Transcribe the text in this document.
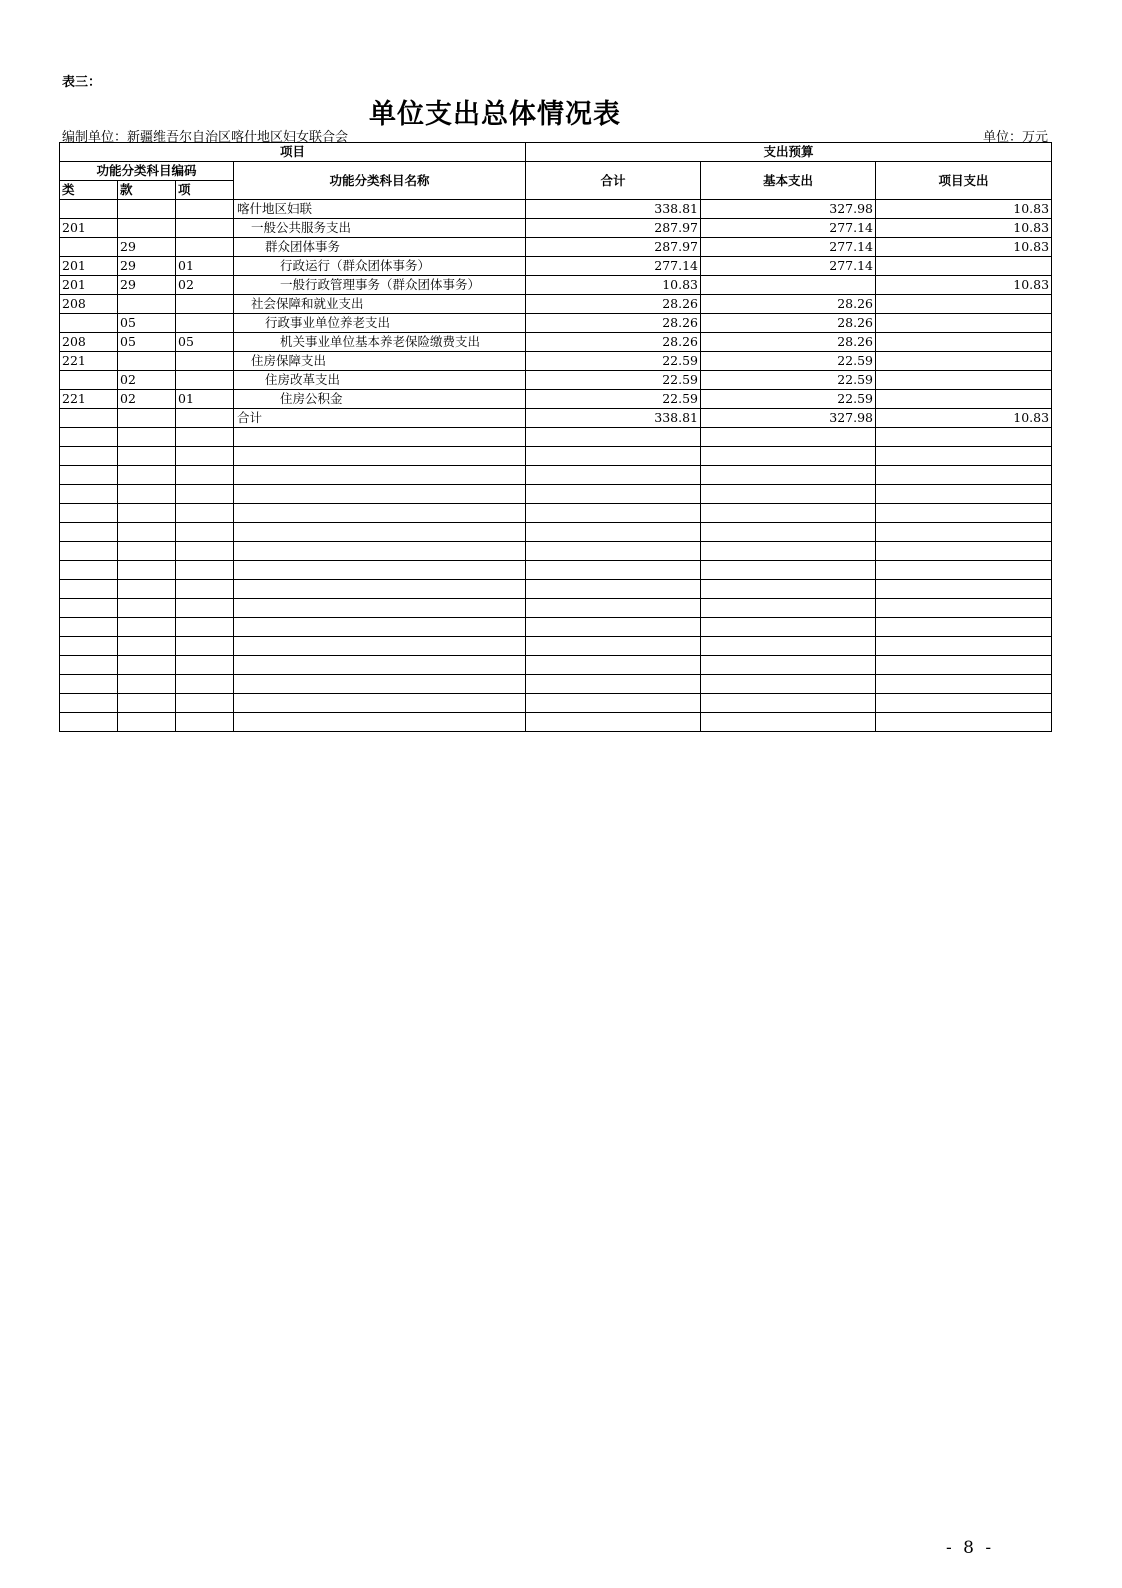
表三：
单位支出总体情况表
编制单位：新疆维吾尔自治区喀什地区妇女联合会	单位：万元
项目				支出预算		
功能分类科目编码			功能分类科目名称	合计	基本支出	项目支出
类	款	项				
			喀什地区妇联	338.81	327.98	10.83
201			一般公共服务支出	287.97	277.14	10.83
	29		群众团体事务	287.97	277.14	10.83
201	29	01	行政运行（群众团体事务）	277.14	277.14	
201	29	02	一般行政管理事务（群众团体事务）	10.83		10.83
208			社会保障和就业支出	28.26	28.26	
	05		行政事业单位养老支出	28.26	28.26	
208	05	05	机关事业单位基本养老保险缴费支出	28.26	28.26	
221			住房保障支出	22.59	22.59	
	02		住房改革支出	22.59	22.59	
221	02	01	住房公积金	22.59	22.59	
			合计	338.81	327.98	10.83

- 8 -
